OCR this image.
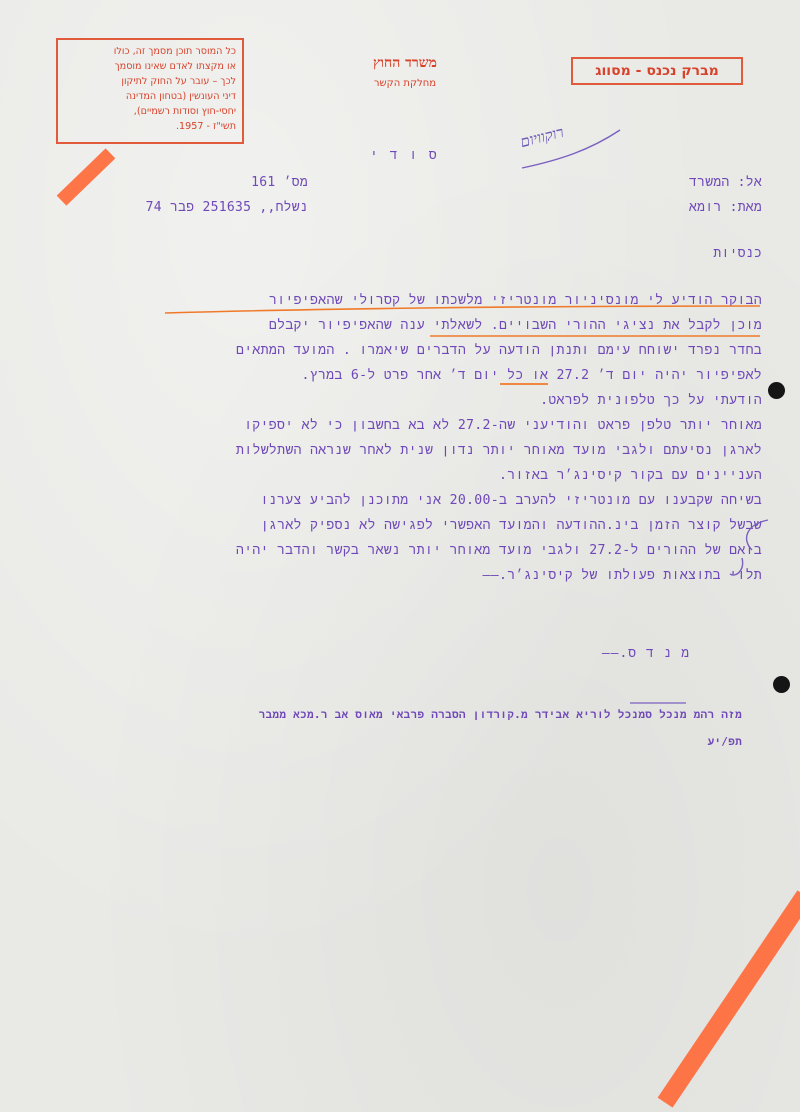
כל המוסר תוכן מסמך זה, כולו
או מקצתו לאדם שאינו מוסמך
לכך – עובר על החוק לתיקון
דיני העונשין (בטחון המדינה
יחסי-חוץ וסודות רשמיים),
תשי"ז - 1957.
משרד החוץ
מחלקת הקשר
מברק נכנס - מסווג
רוקוויום
ס ו ד י
מס׳ 161	אל: המשרד
נשלח,, 251635 פבר 74	מאת: רומא
כנסיות
הבוקר הודיע לי מונסיניור מונטריזי מלשכתו של קסרולי שהאפיפיור
מוכן לקבל את נציגי ההורי השבויים. לשאלתי ענה שהאפיפיור יקבלם
בחדר נפרד ישוחח עימם ותנתן הודעה על הדברים שיאמרו . המועד המתאים
לאפיפיור יהיה יום ד׳ 27.2 או כל יום ד׳ אחר פרט ל-6 במרץ.
הודעתי על כך טלפונית לפראט.
מאוחר יותר טלפן פראט והודיעני שה-27.2 לא בא בחשבון כי לא יספיקו
לארגן נסיעתם ולגבי מועד מאוחר יותר נדון שנית לאחר שנראה השתלשלות
העניינים עם בקור קיסינג׳ר באזור.
בשיחה שקבענו עם מונטריזי להערב ב-20.00 אני מתוכנן להביע צערנו
שבשל קוצר הזמן בינ.ההודעה והמועד האפשרי לפגישה לא נספיק לארגן
בואם של ההורים ל-27.2 ולגבי מועד מאוחר יותר נשאר בקשר והדבר יהיה
תלוי בתוצאות פעולתו של קיסינג׳ר.—–
מ נ ד ס.——
מזה רהמ מנכל סמנכל לוריא אבידר מ.קורדון הסברה פרבאי מאוס אב ר.מכא ממבר
תפ/יע
